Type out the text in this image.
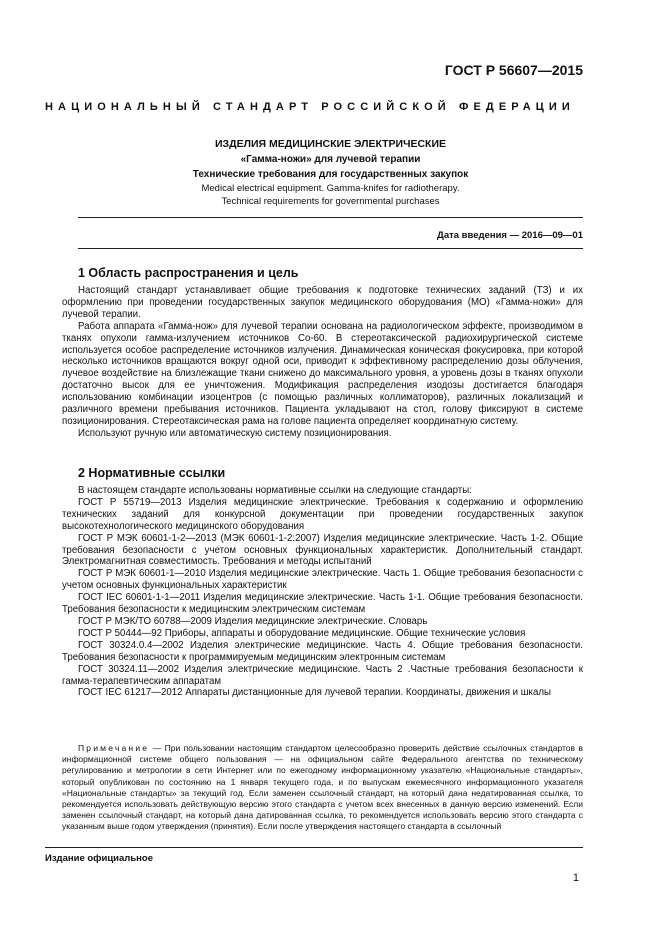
ГОСТ Р 56607—2015
НАЦИОНАЛЬНЫЙ СТАНДАРТ РОССИЙСКОЙ ФЕДЕРАЦИИ
ИЗДЕЛИЯ МЕДИЦИНСКИЕ ЭЛЕКТРИЧЕСКИЕ
«Гамма-ножи» для лучевой терапии
Технические требования для государственных закупок
Medical electrical equipment. Gamma-knifes for radiotherapy.
Technical requirements for governmental purchases
Дата введения — 2016—09—01
1 Область распространения и цель

Настоящий стандарт устанавливает общие требования к подготовке технических заданий (ТЗ) и их оформлению при проведении государственных закупок медицинского оборудования (МО) «Гамма-ножи» для лучевой терапии.

Работа аппарата «Гамма-нож» для лучевой терапии основана на радиологическом эффекте, производимом в тканях опухоли гамма-излучением источников Co-60. В стереотаксической радиохирургической системе используется особое распределение источников излучения. Динамическая коническая фокусировка, при которой несколько источников вращаются вокруг одной оси, приводит к эффективному распределению дозы облучения, лучевое воздействие на близлежащие ткани снижено до максимального уровня, а уровень дозы в тканях опухоли достаточно высок для ее уничтожения. Модификация распределения изодозы достигается благодаря использованию комбинации изоцентров (с помощью различных коллиматоров), различных локализаций и различного времени пребывания источников. Пациента укладывают на стол, голову фиксируют в системе позиционирования. Стереотаксическая рама на голове пациента определяет координатную систему.

Используют ручную или автоматическую систему позиционирования.

2 Нормативные ссылки

В настоящем стандарте использованы нормативные ссылки на следующие стандарты:

ГОСТ Р 55719—2013 Изделия медицинские электрические. Требования к содержанию и оформлению технических заданий для конкурсной документации при проведении государственных закупок высокотехнологического медицинского оборудования

ГОСТ Р МЭК 60601-1-2—2013 (МЭК 60601-1-2:2007) Изделия медицинские электрические. Часть 1-2. Общие требования безопасности с учетом основных функциональных характеристик. Дополнительный стандарт. Электромагнитная совместимость. Требования и методы испытаний

ГОСТ Р МЭК 60601-1—2010 Изделия медицинские электрические. Часть 1. Общие требования безопасности с учетом основных функциональных характеристик

ГОСТ IEC 60601-1-1—2011 Изделия медицинские электрические. Часть 1-1. Общие требования безопасности. Требования безопасности к медицинским электрическим системам

ГОСТ Р МЭК/ТО 60788—2009 Изделия медицинские электрические. Словарь

ГОСТ Р 50444—92 Приборы, аппараты и оборудование медицинские. Общие технические условия

ГОСТ 30324.0.4—2002 Изделия электрические медицинские. Часть 4. Общие требования безопасности. Требования безопасности к программируемым медицинским электронным системам

ГОСТ 30324.11—2002 Изделия электрические медицинские. Часть 2 .Частные требования безопасности к гамма-терапевтическим аппаратам

ГОСТ IEC 61217—2012 Аппараты дистанционные для лучевой терапии. Координаты, движения и шкалы

Примечание — При пользовании настоящим стандартом целесообразно проверить действие ссылочных стандартов в информационной системе общего пользования — на официальном сайте Федерального агентства по техническому регулированию и метрологии в сети Интернет или по ежегодному информационному указателю «Национальные стандарты», который опубликован по состоянию на 1 января текущего года, и по выпускам ежемесячного информационного указателя «Национальные стандарты» за текущий год. Если заменен ссылочный стандарт, на который дана недатированная ссылка, то рекомендуется использовать действующую версию этого стандарта с учетом всех внесенных в данную версию изменений. Если заменен ссылочный стандарт, на который дана датированная ссылка, то рекомендуется использовать версию этого стандарта с указанным выше годом утверждения (принятия). Если после утверждения настоящего стандарта в ссылочный

Издание официальное
1
